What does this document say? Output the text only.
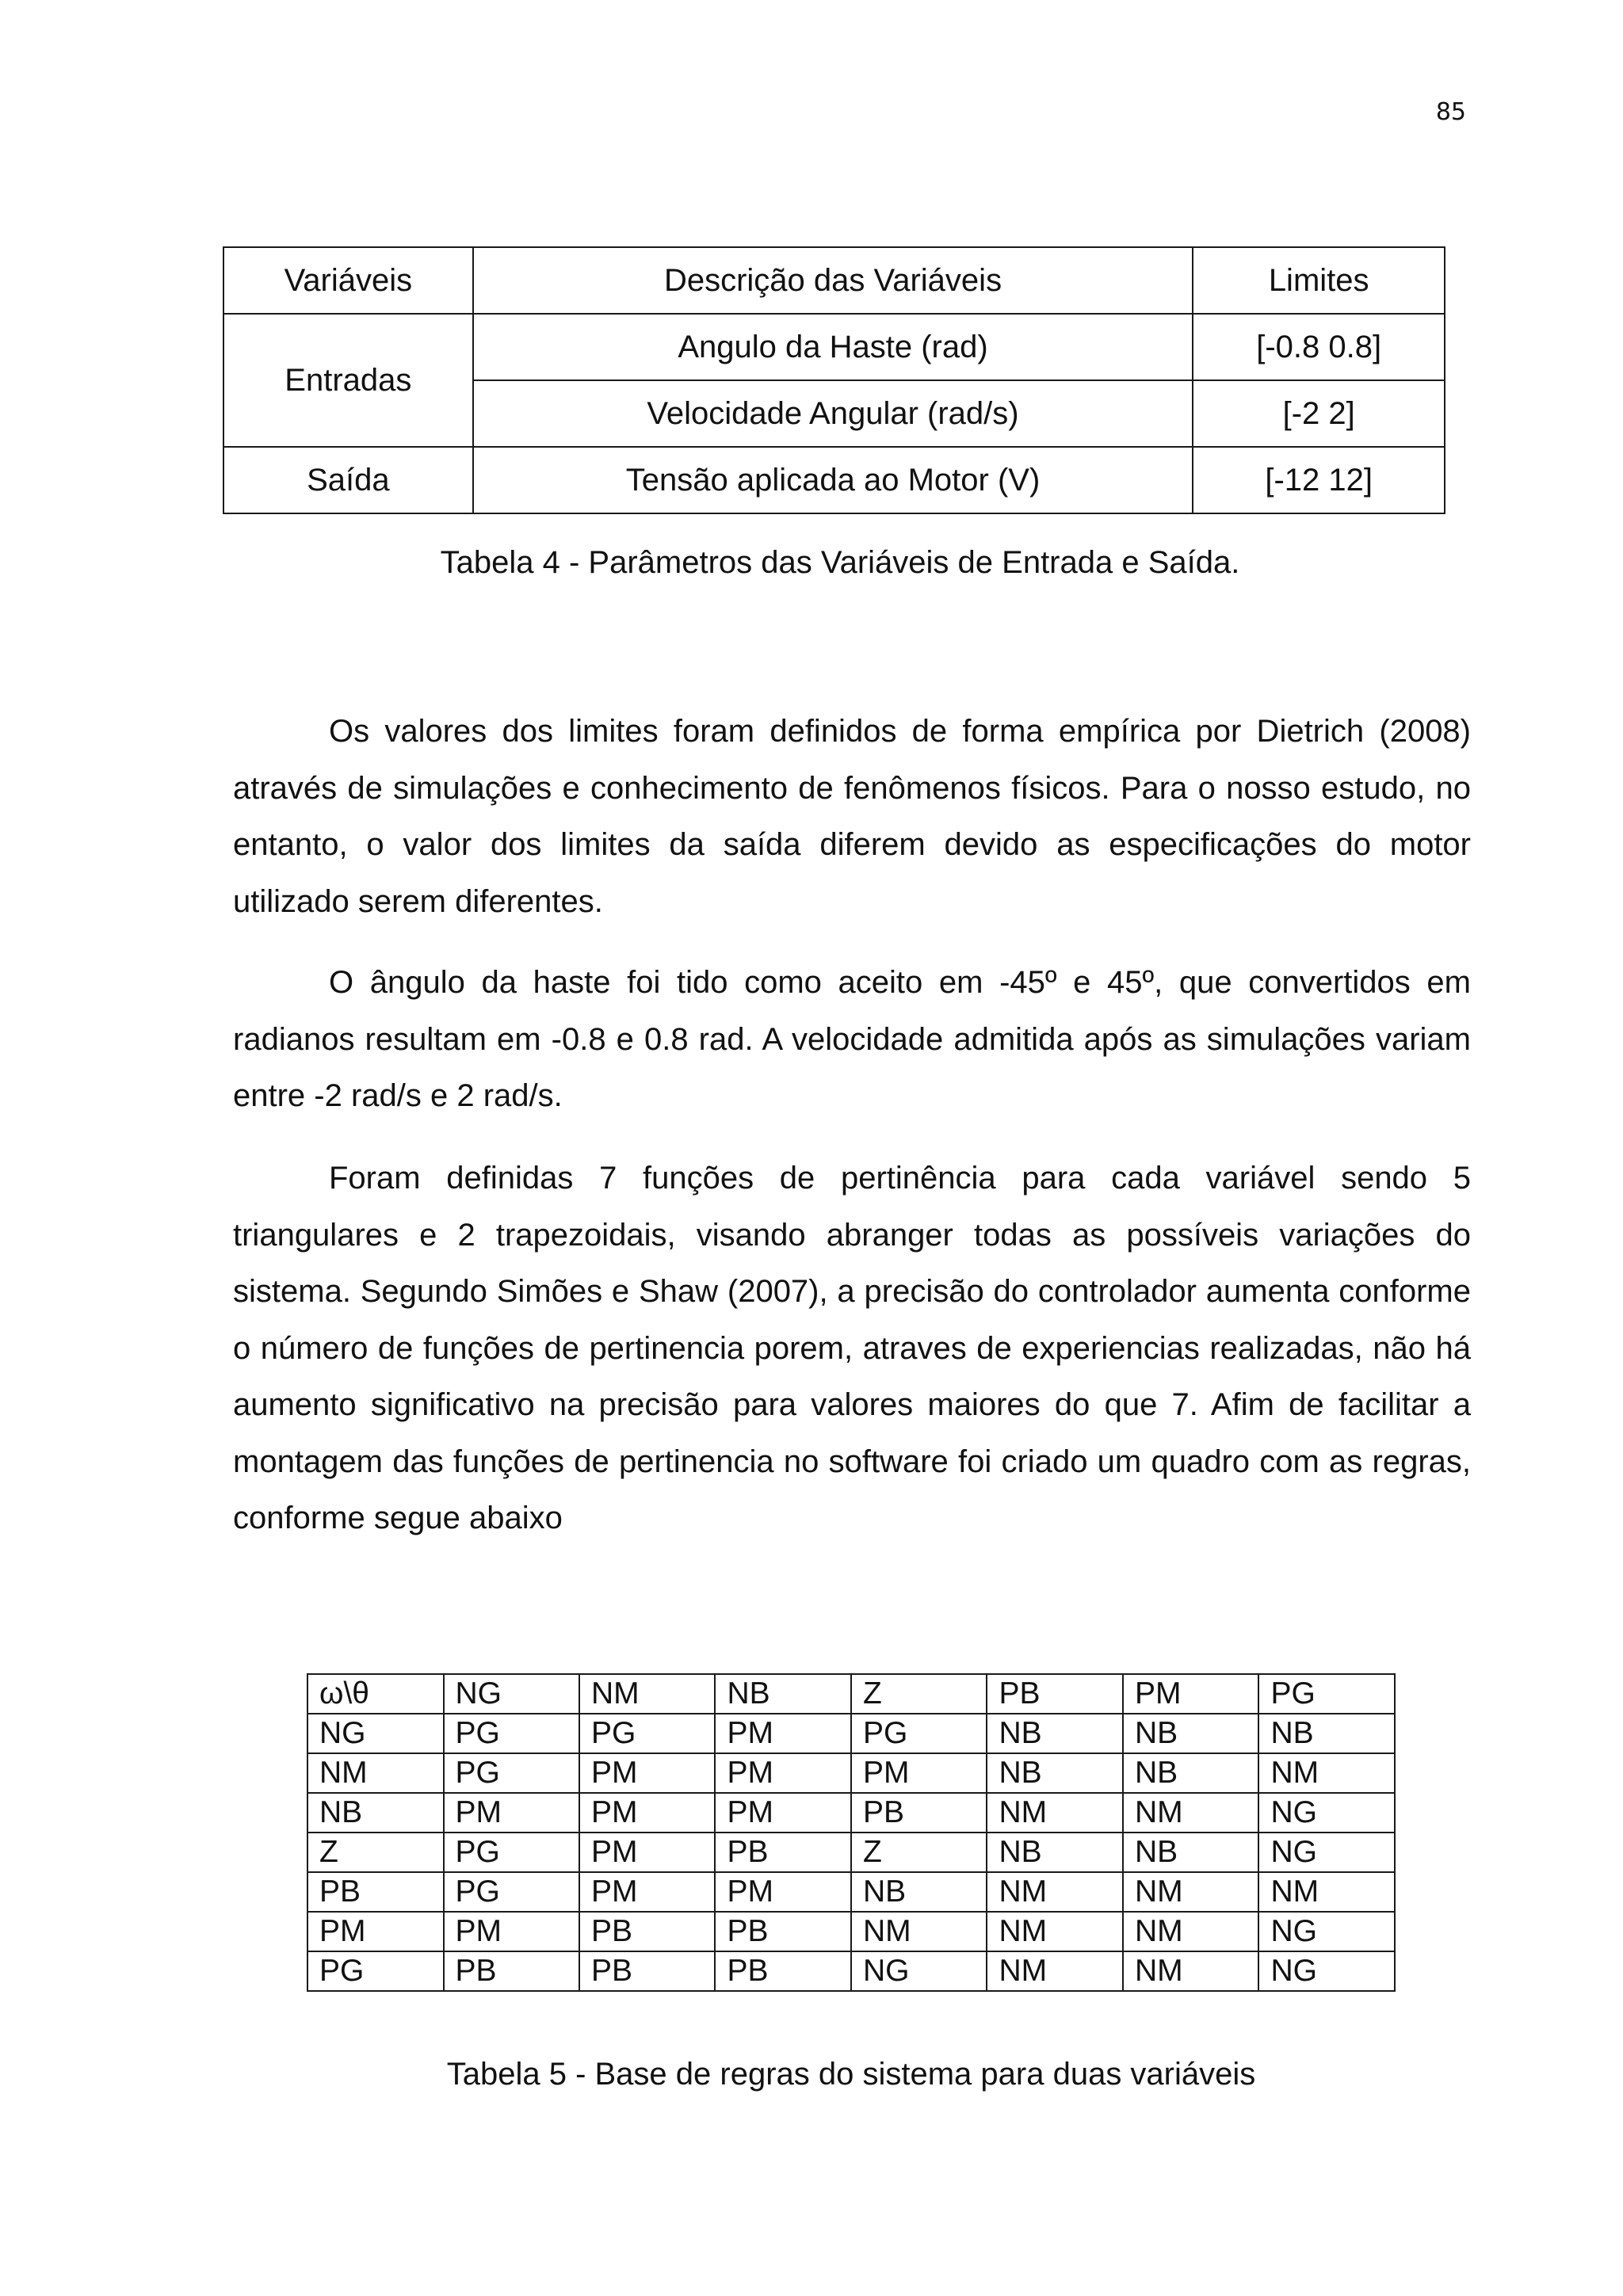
85
Variáveis	Descrição das Variáveis	Limites
Entradas	Angulo da Haste (rad)	[-0.8 0.8]
	Velocidade Angular (rad/s)	[-2 2]
Saída	Tensão aplicada ao Motor (V)	[-12 12]
Tabela 4 - Parâmetros das Variáveis de Entrada e Saída.

Os valores dos limites foram definidos de forma empírica por Dietrich (2008) através de simulações e conhecimento de fenômenos físicos. Para o nosso estudo, no entanto, o valor dos limites da saída diferem devido as especificações do motor utilizado serem diferentes.

O ângulo da haste foi tido como aceito em -45º e 45º, que convertidos em radianos resultam em -0.8 e 0.8 rad. A velocidade admitida após as simulações variam entre -2 rad/s e 2 rad/s.

Foram definidas 7 funções de pertinência para cada variável sendo 5 triangulares e 2 trapezoidais, visando abranger todas as possíveis variações do sistema. Segundo Simões e Shaw (2007), a precisão do controlador aumenta conforme o número de funções de pertinencia porem, atraves de experiencias realizadas, não há aumento significativo na precisão para valores maiores do que 7. Afim de facilitar a montagem das funções de pertinencia no software foi criado um quadro com as regras, conforme segue abaixo

ω\θ	NG	NM	NB	Z	PB	PM	PG
NG	PG	PG	PM	PG	NB	NB	NB
NM	PG	PM	PM	PM	NB	NB	NM
NB	PM	PM	PM	PB	NM	NM	NG
Z	PG	PM	PB	Z	NB	NB	NG
PB	PG	PM	PM	NB	NM	NM	NM
PM	PM	PB	PB	NM	NM	NM	NG
PG	PB	PB	PB	NG	NM	NM	NG
Tabela 5 - Base de regras do sistema para duas variáveis
